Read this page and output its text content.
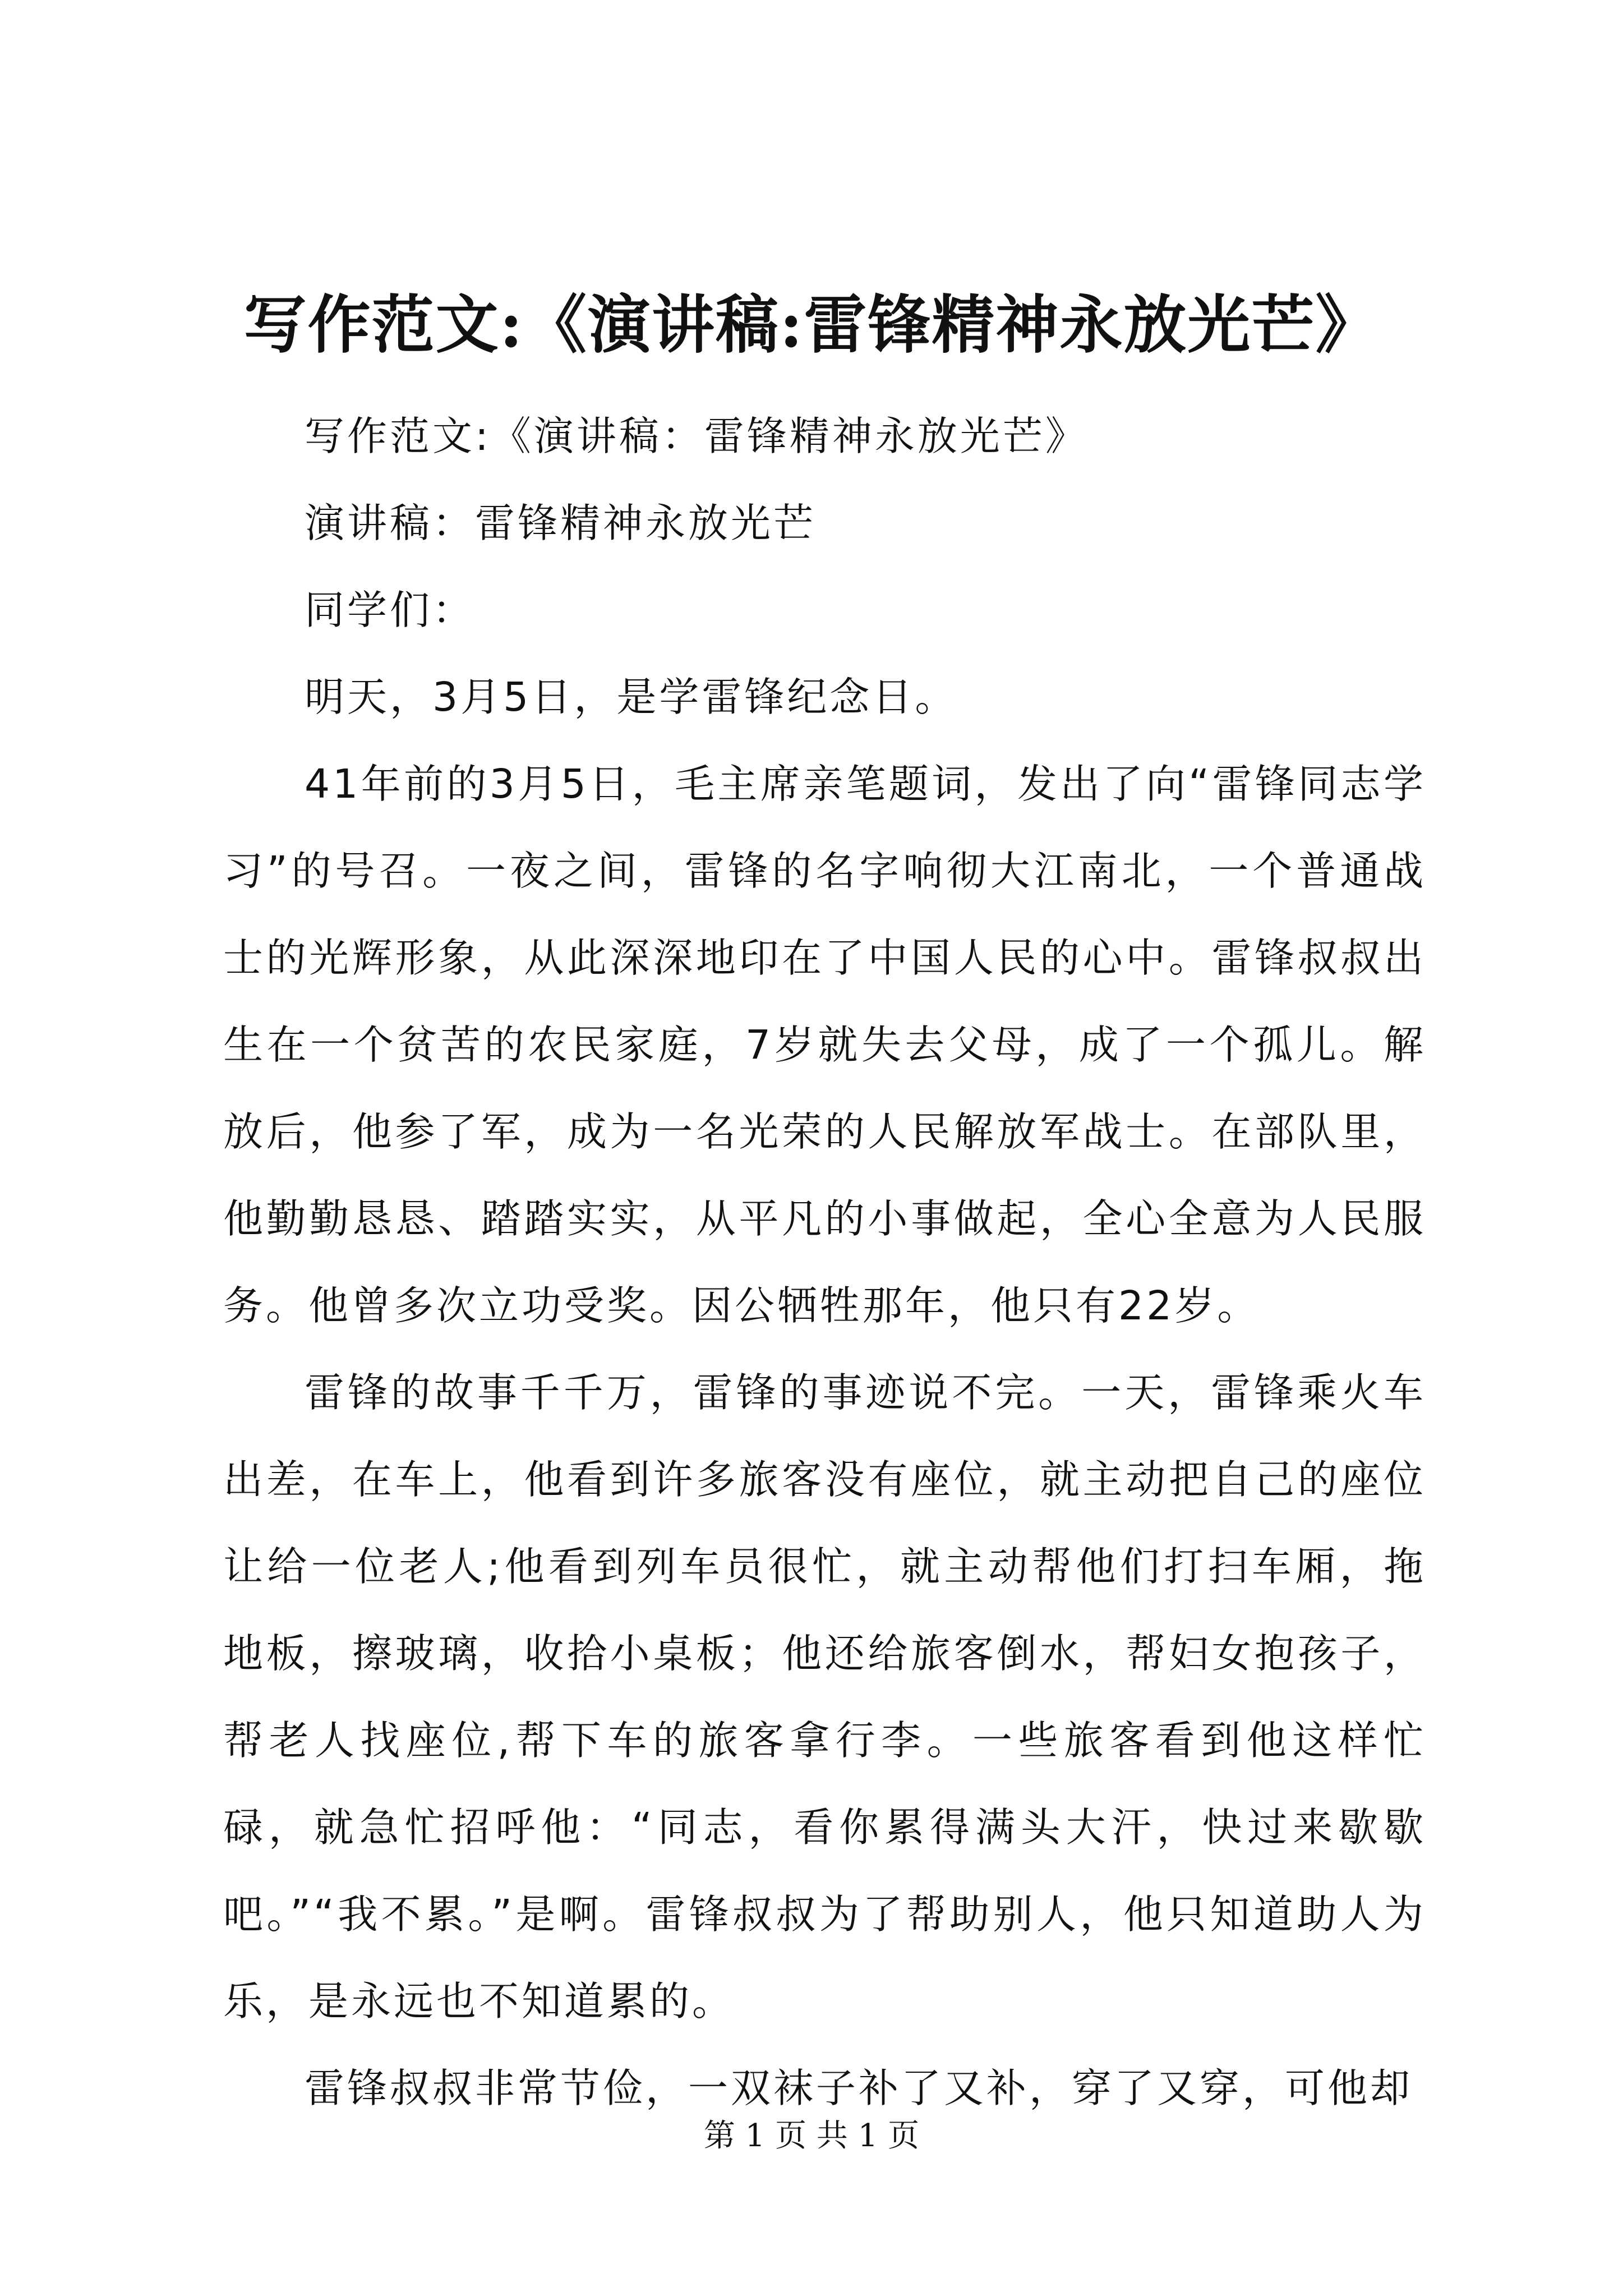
写作范文:《演讲稿:雷锋精神永放光芒》

写作范文:《演讲稿：雷锋精神永放光芒》

演讲稿：雷锋精神永放光芒

同学们：

明天，3月5日，是学雷锋纪念日。

41年前的3月5日，毛主席亲笔题词，发出了向“雷锋同志学习”的号召。一夜之间，雷锋的名字响彻大江南北，一个普通战士的光辉形象，从此深深地印在了中国人民的心中。雷锋叔叔出生在一个贫苦的农民家庭，7岁就失去父母，成了一个孤儿。解放后，他参了军，成为一名光荣的人民解放军战士。在部队里，他勤勤恳恳、踏踏实实，从平凡的小事做起，全心全意为人民服务。他曾多次立功受奖。因公牺牲那年，他只有22岁。

雷锋的故事千千万，雷锋的事迹说不完。一天，雷锋乘火车出差，在车上，他看到许多旅客没有座位，就主动把自己的座位让给一位老人;他看到列车员很忙，就主动帮他们打扫车厢，拖地板，擦玻璃，收拾小桌板；他还给旅客倒水，帮妇女抱孩子，帮老人找座位,帮下车的旅客拿行李。一些旅客看到他这样忙碌，就急忙招呼他：“同志，看你累得满头大汗，快过来歇歇吧。”“我不累。”是啊。雷锋叔叔为了帮助别人，他只知道助人为乐，是永远也不知道累的。

雷锋叔叔非常节俭，一双袜子补了又补，穿了又穿，可他却

第 1 页 共 1 页
